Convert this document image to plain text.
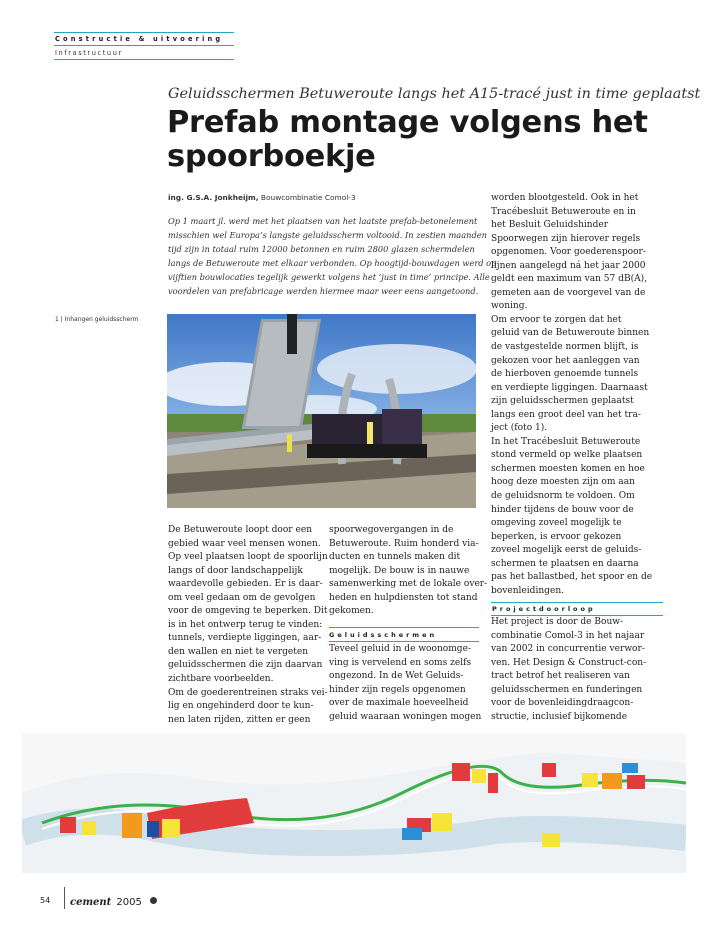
Constructie & uitvoering
Infrastructuur
Geluidsschermen Betuweroute langs het A15-tracé just in time geplaatst
Prefab montage volgens het
spoorboekje
ing. G.S.A. Jonkheijm, Bouwcombinatie Comol-3
Op 1 maart jl. werd met het plaatsen van het laatste prefab-betonelement
misschien wel Europa’s langste geluidsscherm voltooid. In zestien maanden
tijd zijn in totaal ruim 12000 betonnen en ruim 2800 glazen schermdelen
langs de Betuweroute met elkaar verbonden. Op hoogtijd-bouwdagen werd op
vijftien bouwlocaties tegelijk gewerkt volgens het ‘just in time’ principe. Alle
voordelen van prefabricage werden hiermee maar weer eens aangetoond.
1 | Inhangen geluidsscherm
De Betuweroute loopt door een
gebied waar veel mensen wonen.
Op veel plaatsen loopt de spoorlijn
langs of door landschappelijk
waardevolle gebieden. Er is daar-
om veel gedaan om de gevolgen
voor de omgeving te beperken. Dit
is in het ontwerp terug te vinden:
tunnels, verdiepte liggingen, aar-
den wallen en niet te vergeten
geluidsschermen die zijn daarvan
zichtbare voorbeelden.
Om de goederentreinen straks vei-
lig en ongehinderd door te kun-
nen laten rijden, zitten er geen
spoorwegovergangen in de
Betuweroute. Ruim honderd via-
ducten en tunnels maken dit
mogelijk. De bouw is in nauwe
samenwerking met de lokale over-
heden en hulpdiensten tot stand
gekomen.
Geluidsschermen
Teveel geluid in de woonomge-
ving is vervelend en soms zelfs
ongezond. In de Wet Geluids-
hinder zijn regels opgenomen
over de maximale hoeveelheid
geluid waaraan woningen mogen
worden blootgesteld. Ook in het
Tracébesluit Betuweroute en in
het Besluit Geluidshinder
Spoorwegen zijn hierover regels
opgenomen. Voor goederenspoor-
lijnen aangelegd ná het jaar 2000
geldt een maximum van 57 dB(A),
gemeten aan de voorgevel van de
woning.
Om ervoor te zorgen dat het
geluid van de Betuweroute binnen
de vastgestelde normen blijft, is
gekozen voor het aanleggen van
de hierboven genoemde tunnels
en verdiepte liggingen. Daarnaast
zijn geluidsschermen geplaatst
langs een groot deel van het tra-
ject (foto 1).
In het Tracébesluit Betuweroute
stond vermeld op welke plaatsen
schermen moesten komen en hoe
hoog deze moesten zijn om aan
de geluidsnorm te voldoen. Om
hinder tijdens de bouw voor de
omgeving zoveel mogelijk te
beperken, is ervoor gekozen
zoveel mogelijk eerst de geluids-
schermen te plaatsen en daarna
pas het ballastbed, het spoor en de
bovenleidingen.
Projectdoorloop
Het project is door de Bouw-
combinatie Comol-3 in het najaar
van 2002 in concurrentie verwor-
ven. Het Design & Construct-con-
tract betrof het realiseren van
geluidsschermen en funderingen
voor de bovenleidingdraagcon-
structie, inclusief bijkomende
54 cement 2005
